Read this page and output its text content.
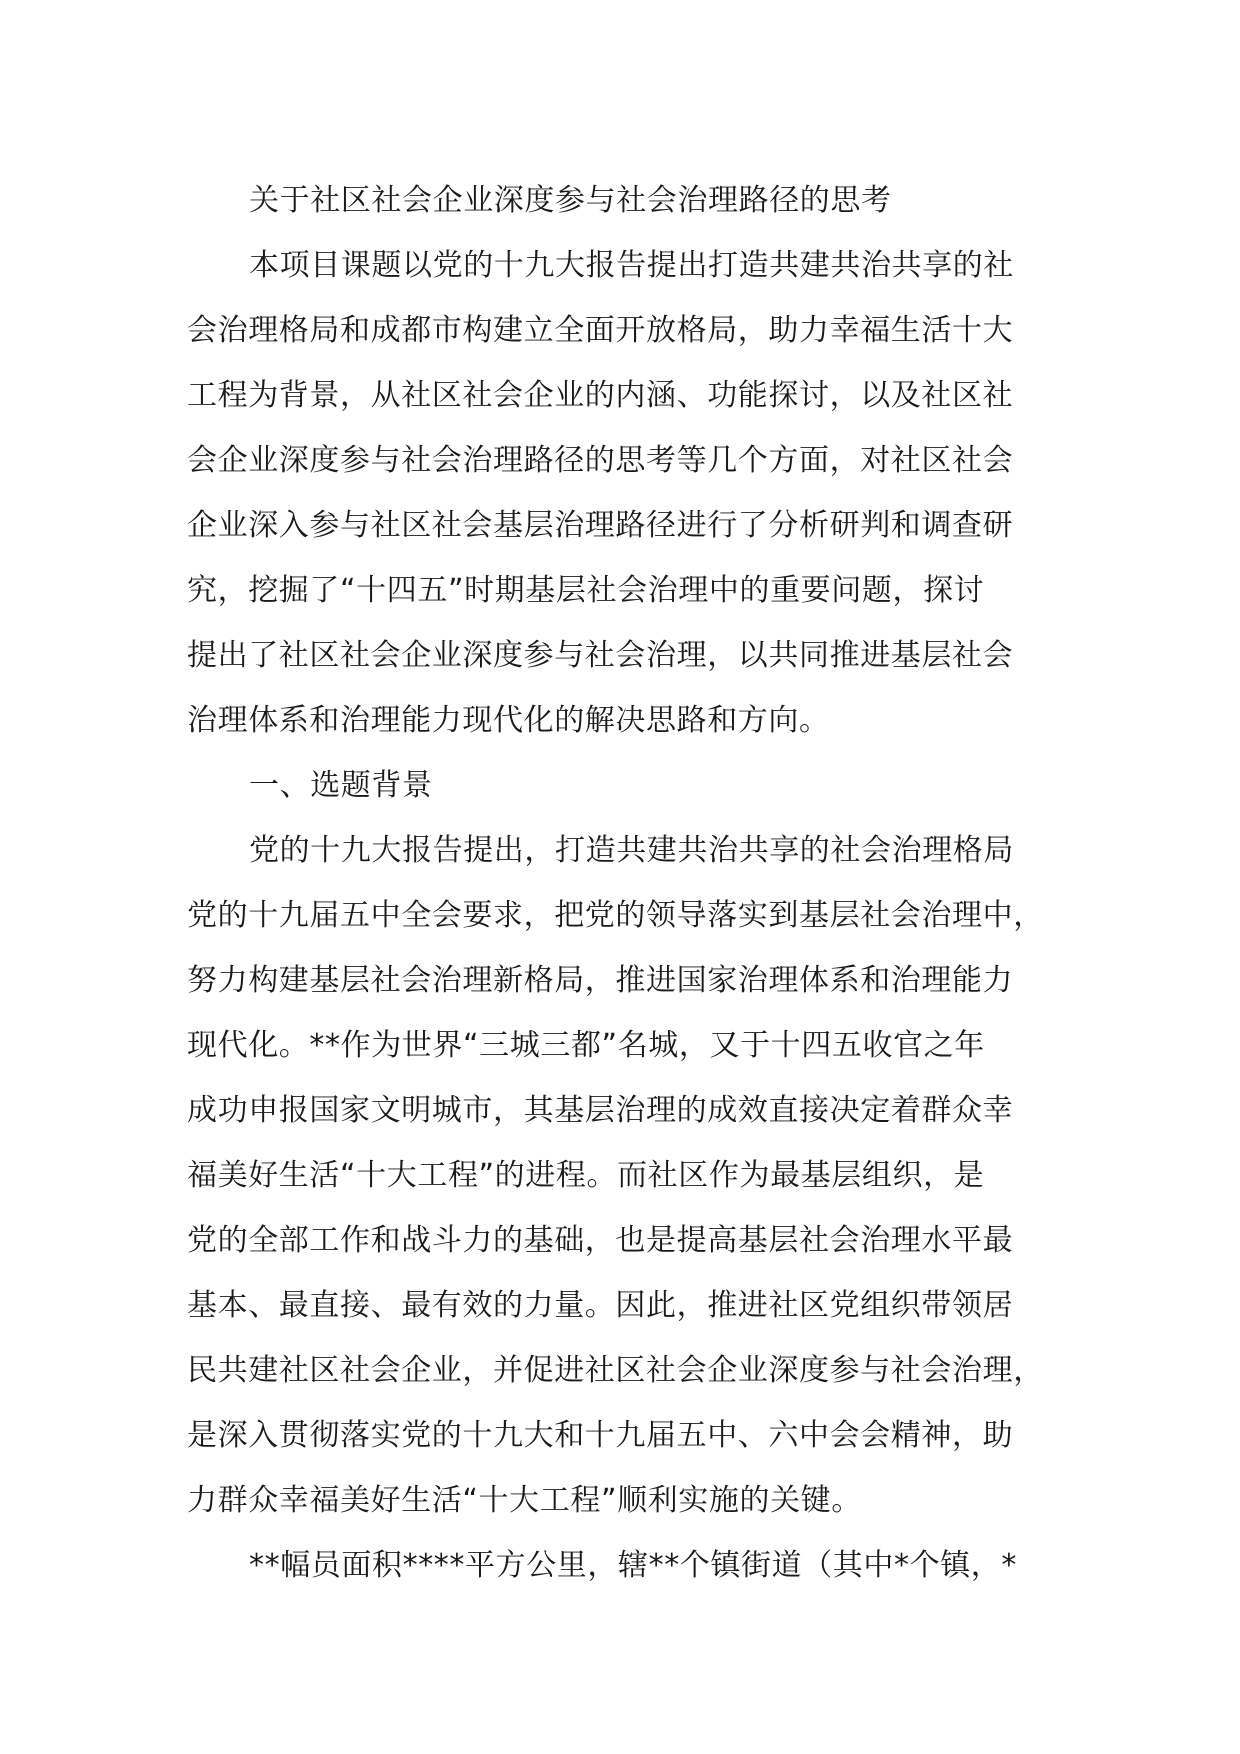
关于社区社会企业深度参与社会治理路径的思考
本项目课题以党的十九大报告提出打造共建共治共享的社
会治理格局和成都市构建立全面开放格局，助力幸福生活十大
工程为背景，从社区社会企业的内涵、功能探讨，以及社区社
会企业深度参与社会治理路径的思考等几个方面，对社区社会
企业深入参与社区社会基层治理路径进行了分析研判和调查研
究，挖掘了“十四五”时期基层社会治理中的重要问题，探讨
提出了社区社会企业深度参与社会治理，以共同推进基层社会
治理体系和治理能力现代化的解决思路和方向。
一、选题背景
党的十九大报告提出，打造共建共治共享的社会治理格局
党的十九届五中全会要求，把党的领导落实到基层社会治理中，
努力构建基层社会治理新格局，推进国家治理体系和治理能力
现代化。**作为世界“三城三都”名城，又于十四五收官之年
成功申报国家文明城市，其基层治理的成效直接决定着群众幸
福美好生活“十大工程”的进程。而社区作为最基层组织，是
党的全部工作和战斗力的基础，也是提高基层社会治理水平最
基本、最直接、最有效的力量。因此，推进社区党组织带领居
民共建社区社会企业，并促进社区社会企业深度参与社会治理，
是深入贯彻落实党的十九大和十九届五中、六中会会精神，助
力群众幸福美好生活“十大工程”顺利实施的关键。
**幅员面积****平方公里，辖**个镇街道（其中*个镇，*
